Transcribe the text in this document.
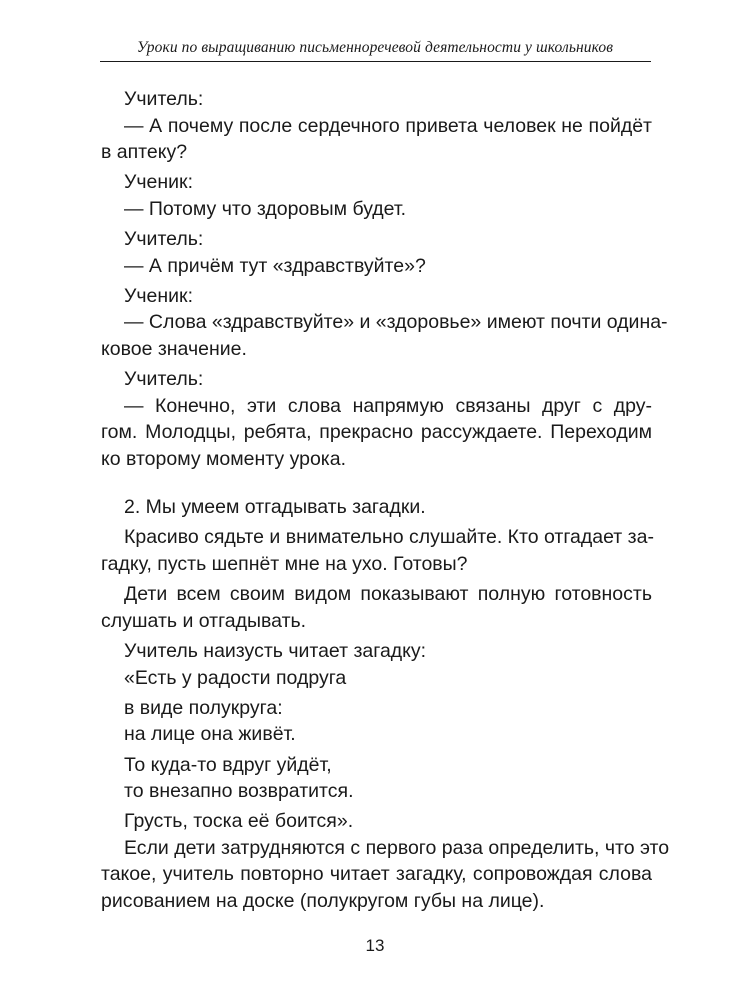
Уроки по выращиванию письменноречевой деятельности у школьников
Учитель:
— А почему после сердечного привета человек не пойдёт
в аптеку?
Ученик:
— Потому что здоровым будет.
Учитель:
— А причём тут «здравствуйте»?
Ученик:
— Слова «здравствуйте» и «здоровье» имеют почти одина-
ковое значение.
Учитель:
— Конечно, эти слова напрямую связаны друг с дру-
гом. Молодцы, ребята, прекрасно рассуждаете. Переходим
ко второму моменту урока.
2. Мы умеем отгадывать загадки.
Красиво сядьте и внимательно слушайте. Кто отгадает за-
гадку, пусть шепнёт мне на ухо. Готовы?
Дети всем своим видом показывают полную готовность
слушать и отгадывать.
Учитель наизусть читает загадку:
«Есть у радости подруга
в виде полукруга:
на лице она живёт.
То куда-то вдруг уйдёт,
то внезапно возвратится.
Грусть, тоска её боится».
Если дети затрудняются с первого раза определить, что это
такое, учитель повторно читает загадку, сопровождая слова
рисованием на доске (полукругом губы на лице).
13
